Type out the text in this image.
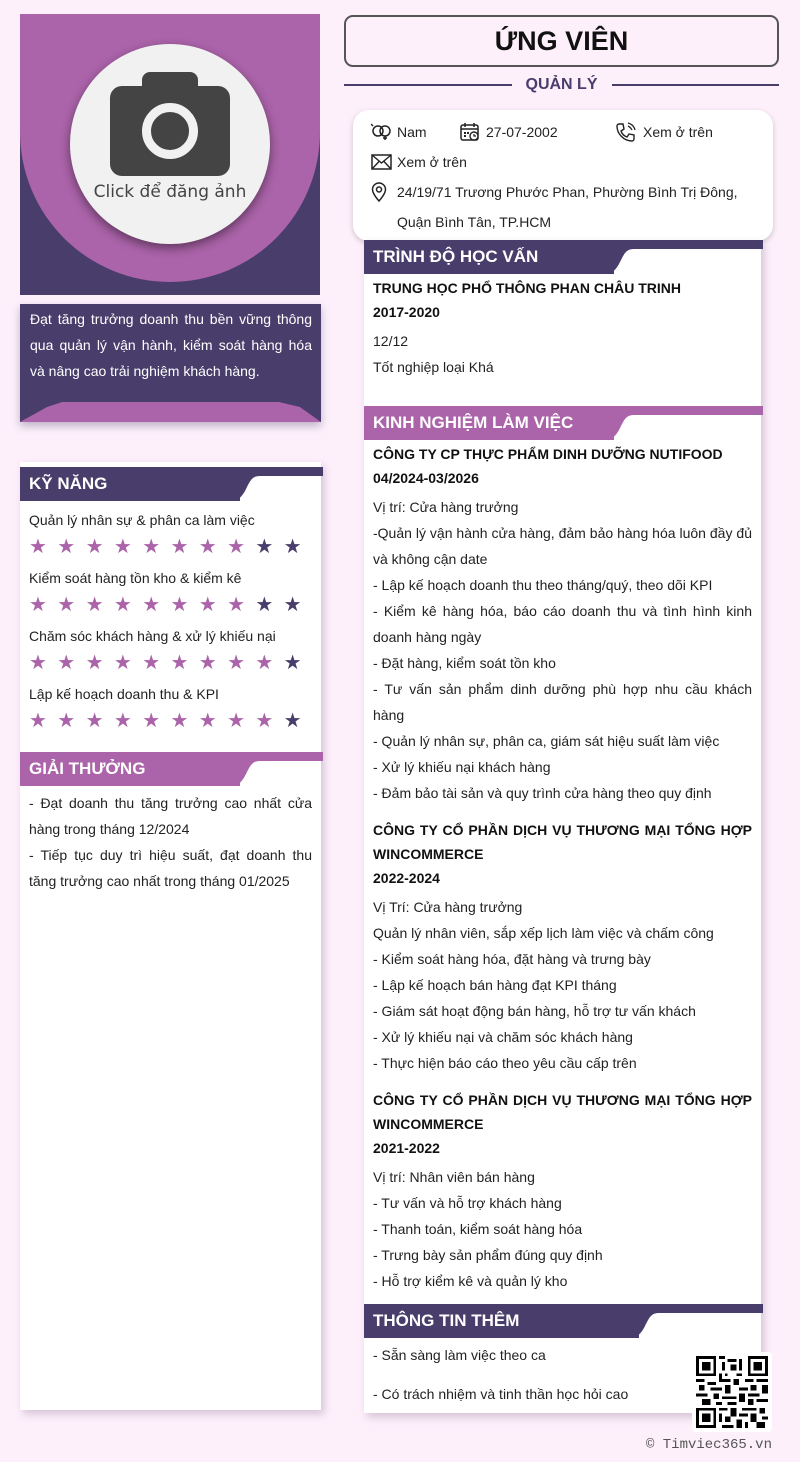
Click để đăng ảnh

Đạt tăng trưởng doanh thu bền vững thông qua quản lý vận hành, kiểm soát hàng hóa và nâng cao trải nghiệm khách hàng.

KỸ NĂNG
Quản lý nhân sự & phân ca làm việc
★ ★ ★ ★ ★ ★ ★ ★ ★ ★
Kiểm soát hàng tồn kho & kiểm kê
★ ★ ★ ★ ★ ★ ★ ★ ★ ★
Chăm sóc khách hàng & xử lý khiếu nại
★ ★ ★ ★ ★ ★ ★ ★ ★ ★
Lập kế hoạch doanh thu & KPI
★ ★ ★ ★ ★ ★ ★ ★ ★ ★
GIẢI THƯỞNG
- Đạt doanh thu tăng trưởng cao nhất cửa hàng trong tháng 12/2024
- Tiếp tục duy trì hiệu suất, đạt doanh thu tăng trưởng cao nhất trong tháng 01/2025
ỨNG VIÊN
QUẢN LÝ
Nam	27-07-2002	Xem ở trên
Xem ở trên
24/19/71 Trương Phước Phan, Phường Bình Trị Đông,
Quận Bình Tân, TP.HCM
TRÌNH ĐỘ HỌC VẤN
TRUNG HỌC PHỔ THÔNG PHAN CHÂU TRINH
2017-2020
12/12
Tốt nghiệp loại Khá
KINH NGHIỆM LÀM VIỆC
CÔNG TY CP THỰC PHẨM DINH DƯỠNG NUTIFOOD
04/2024-03/2026
Vị trí: Cửa hàng trưởng
-Quản lý vận hành cửa hàng, đảm bảo hàng hóa luôn đầy đủ và không cận date
- Lập kế hoạch doanh thu theo tháng/quý, theo dõi KPI
- Kiểm kê hàng hóa, báo cáo doanh thu và tình hình kinh doanh hàng ngày
- Đặt hàng, kiểm soát tồn kho
- Tư vấn sản phẩm dinh dưỡng phù hợp nhu cầu khách hàng
- Quản lý nhân sự, phân ca, giám sát hiệu suất làm việc
- Xử lý khiếu nại khách hàng
- Đảm bảo tài sản và quy trình cửa hàng theo quy định
CÔNG TY CỔ PHẦN DỊCH VỤ THƯƠNG MẠI TỔNG HỢP WINCOMMERCE
2022-2024
Vị Trí: Cửa hàng trưởng
Quản lý nhân viên, sắp xếp lịch làm việc và chấm công
- Kiểm soát hàng hóa, đặt hàng và trưng bày
- Lập kế hoạch bán hàng đạt KPI tháng
- Giám sát hoạt động bán hàng, hỗ trợ tư vấn khách
- Xử lý khiếu nại và chăm sóc khách hàng
- Thực hiện báo cáo theo yêu cầu cấp trên
CÔNG TY CỔ PHẦN DỊCH VỤ THƯƠNG MẠI TỔNG HỢP WINCOMMERCE
2021-2022
Vị trí: Nhân viên bán hàng
- Tư vấn và hỗ trợ khách hàng
- Thanh toán, kiểm soát hàng hóa
- Trưng bày sản phẩm đúng quy định
- Hỗ trợ kiểm kê và quản lý kho
THÔNG TIN THÊM
- Sẵn sàng làm việc theo ca
- Có trách nhiệm và tinh thần học hỏi cao
© Timviec365.vn
